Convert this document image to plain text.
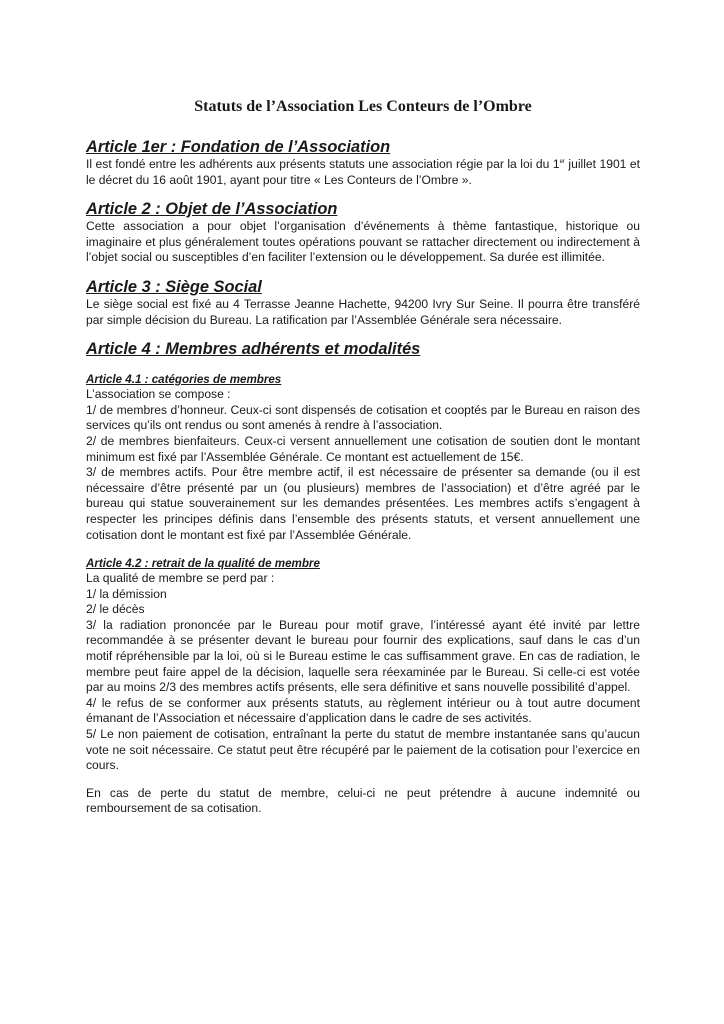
Statuts de l’Association Les Conteurs de l’Ombre
Article 1er : Fondation de l’Association

Il est fondé entre les adhérents aux présents statuts une association régie par la loi du 1er juillet 1901 et le décret du 16 août 1901, ayant pour titre « Les Conteurs de l’Ombre ».

Article 2 : Objet de l’Association

Cette association a pour objet l’organisation d’événements à thème fantastique, historique ou imaginaire et plus généralement toutes opérations pouvant se rattacher directement ou indirectement à l’objet social ou susceptibles d’en faciliter l’extension ou le développement. Sa durée est illimitée.

Article 3 : Siège Social

Le siège social est fixé au 4 Terrasse Jeanne Hachette, 94200 Ivry Sur Seine. Il pourra être transféré par simple décision du Bureau. La ratification par l’Assemblée Générale sera nécessaire.

Article 4 : Membres adhérents et modalités
Article 4.1 : catégories de membres

L’association se compose :

1/ de membres d’honneur. Ceux-ci sont dispensés de cotisation et cooptés par le Bureau en raison des services qu’ils ont rendus ou sont amenés à rendre à l’association.

2/ de membres bienfaiteurs. Ceux-ci versent annuellement une cotisation de soutien dont le montant minimum est fixé par l’Assemblée Générale. Ce montant est actuellement de 15€.

3/ de membres actifs. Pour être membre actif, il est nécessaire de présenter sa demande (ou il est nécessaire d’être présenté par un (ou plusieurs) membres de l’association) et d’être agréé par le bureau qui statue souverainement sur les demandes présentées. Les membres actifs s’engagent à respecter les principes définis dans l’ensemble des présents statuts, et versent annuellement une cotisation dont le montant est fixé par l’Assemblée Générale.

Article 4.2 : retrait de la qualité de membre

La qualité de membre se perd par :

1/ la démission

2/ le décès

3/ la radiation prononcée par le Bureau pour motif grave, l’intéressé ayant été invité par lettre recommandée à se présenter devant le bureau pour fournir des explications, sauf dans le cas d’un motif répréhensible par la loi, où si le Bureau estime le cas suffisamment grave. En cas de radiation, le membre peut faire appel de la décision, laquelle sera réexaminée par le Bureau. Si celle-ci est votée par au moins 2/3 des membres actifs présents, elle sera définitive et sans nouvelle possibilité d’appel.

4/ le refus de se conformer aux présents statuts, au règlement intérieur ou à tout autre document émanant de l’Association et nécessaire d’application dans le cadre de ses activités.

5/ Le non paiement de cotisation, entraînant la perte du statut de membre instantanée sans qu’aucun vote ne soit nécessaire. Ce statut peut être récupéré par le paiement de la cotisation pour l’exercice en cours.

En cas de perte du statut de membre, celui-ci ne peut prétendre à aucune indemnité ou remboursement de sa cotisation.
